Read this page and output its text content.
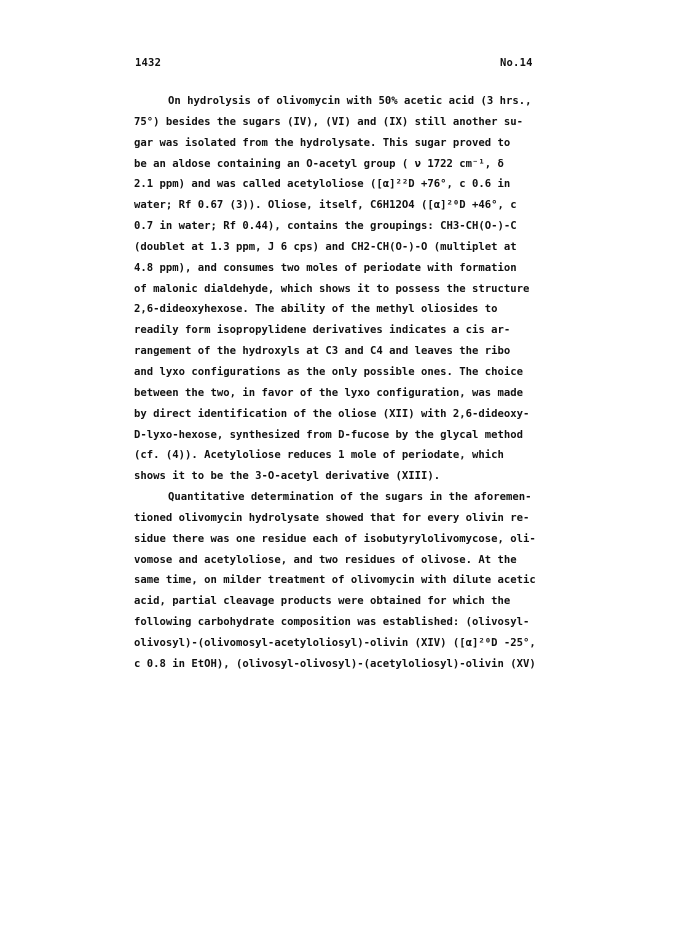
1432	No.14
On hydrolysis of olivomycin with 50% acetic acid (3 hrs.,
75°) besides the sugars (IV), (VI) and (IX) still another su-
gar was isolated from the hydrolysate. This sugar proved to
be an aldose containing an O-acetyl group ( ν 1722 cm⁻¹, δ
2.1 ppm) and was called acetyloliose ([α]²²D +76°, c 0.6 in
water; Rf 0.67 (3)). Oliose, itself, C6H12O4 ([α]²⁰D +46°, c
0.7 in water; Rf 0.44), contains the groupings: CH3-CH(O-)-C
(doublet at 1.3 ppm, J 6 cps) and CH2-CH(O-)-O (multiplet at
4.8 ppm), and consumes two moles of periodate with formation
of malonic dialdehyde, which shows it to possess the structure
2,6-dideoxyhexose. The ability of the methyl oliosides to
readily form isopropylidene derivatives indicates a cis ar-
rangement of the hydroxyls at C3 and C4 and leaves the ribo
and lyxo configurations as the only possible ones. The choice
between the two, in favor of the lyxo configuration, was made
by direct identification of the oliose (XII) with 2,6-dideoxy-
D-lyxo-hexose, synthesized from D-fucose by the glycal method
(cf. (4)). Acetyloliose reduces 1 mole of periodate, which
shows it to be the 3-O-acetyl derivative (XIII).
Quantitative determination of the sugars in the aforemen-
tioned olivomycin hydrolysate showed that for every olivin re-
sidue there was one residue each of isobutyrylolivomycose, oli-
vomose and acetyloliose, and two residues of olivose. At the
same time, on milder treatment of olivomycin with dilute acetic
acid, partial cleavage products were obtained for which the
following carbohydrate composition was established: (olivosyl-
olivosyl)-(olivomosyl-acetyloliosyl)-olivin (XIV) ([α]²⁰D -25°,
c 0.8 in EtOH), (olivosyl-olivosyl)-(acetyloliosyl)-olivin (XV)
